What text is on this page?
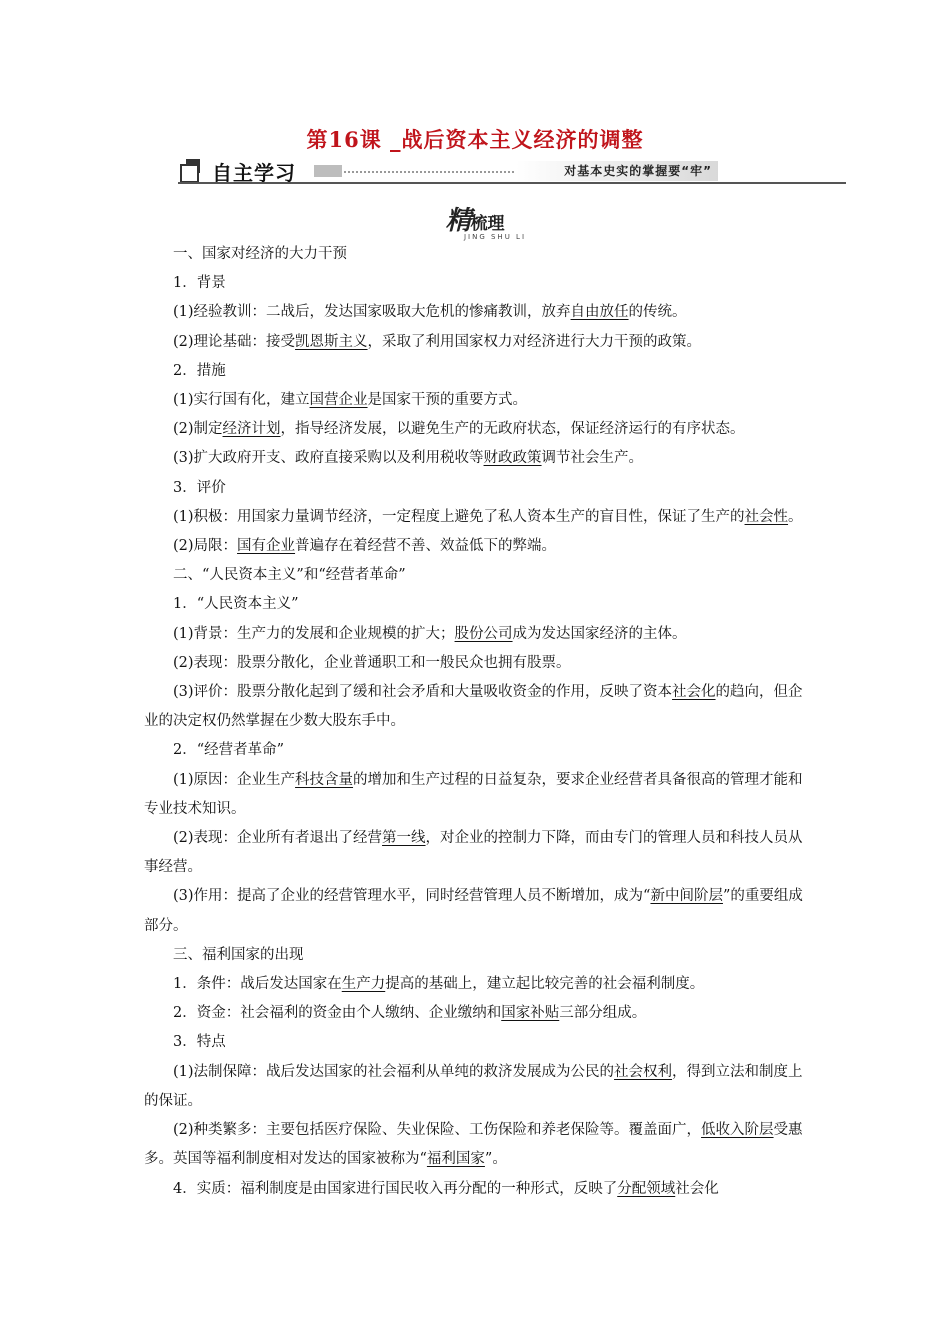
第16课 _战后资本主义经济的调整
自主学习	对基本史实的掌握要“牢”
精梳理
JING SHU LI

一、国家对经济的大力干预

1．背景

(1)经验教训：二战后，发达国家吸取大危机的惨痛教训，放弃自由放任的传统。

(2)理论基础：接受凯恩斯主义，采取了利用国家权力对经济进行大力干预的政策。

2．措施

(1)实行国有化，建立国营企业是国家干预的重要方式。

(2)制定经济计划，指导经济发展，以避免生产的无政府状态，保证经济运行的有序状态。

(3)扩大政府开支、政府直接采购以及利用税收等财政政策调节社会生产。

3．评价

(1)积极：用国家力量调节经济，一定程度上避免了私人资本生产的盲目性，保证了生产的社会性。

(2)局限：国有企业普遍存在着经营不善、效益低下的弊端。

二、“人民资本主义”和“经营者革命”

1．“人民资本主义”

(1)背景：生产力的发展和企业规模的扩大；股份公司成为发达国家经济的主体。

(2)表现：股票分散化，企业普通职工和一般民众也拥有股票。

(3)评价：股票分散化起到了缓和社会矛盾和大量吸收资金的作用，反映了资本社会化的趋向，但企业的决定权仍然掌握在少数大股东手中。

2．“经营者革命”

(1)原因：企业生产科技含量的增加和生产过程的日益复杂，要求企业经营者具备很高的管理才能和专业技术知识。

(2)表现：企业所有者退出了经营第一线，对企业的控制力下降，而由专门的管理人员和科技人员从事经营。

(3)作用：提高了企业的经营管理水平，同时经营管理人员不断增加，成为“新中间阶层”的重要组成部分。

三、福利国家的出现

1．条件：战后发达国家在生产力提高的基础上，建立起比较完善的社会福利制度。

2．资金：社会福利的资金由个人缴纳、企业缴纳和国家补贴三部分组成。

3．特点

(1)法制保障：战后发达国家的社会福利从单纯的救济发展成为公民的社会权利，得到立法和制度上的保证。

(2)种类繁多：主要包括医疗保险、失业保险、工伤保险和养老保险等。覆盖面广，低收入阶层受惠多。英国等福利制度相对发达的国家被称为“福利国家”。

4．实质：福利制度是由国家进行国民收入再分配的一种形式，反映了分配领域社会化
